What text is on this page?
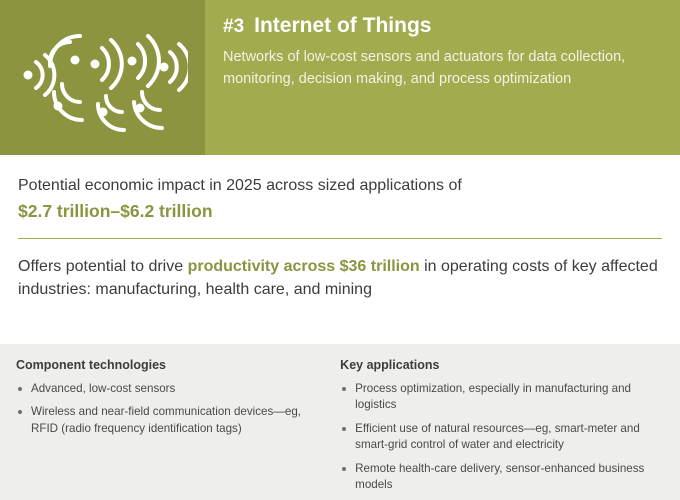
#3 Internet of Things
Networks of low-cost sensors and actuators for data collection, monitoring, decision making, and process optimization
Potential economic impact in 2025 across sized applications of
$2.7 trillion–$6.2 trillion
Offers potential to drive productivity across $36 trillion in operating costs of key affected industries: manufacturing, health care, and mining
Component technologies
Advanced, low-cost sensors
Wireless and near-field communication devices—eg, RFID (radio frequency identification tags)
Key applications
Process optimization, especially in manufacturing and logistics
Efficient use of natural resources—eg, smart-meter and smart-grid control of water and electricity
Remote health-care delivery, sensor-enhanced business models
